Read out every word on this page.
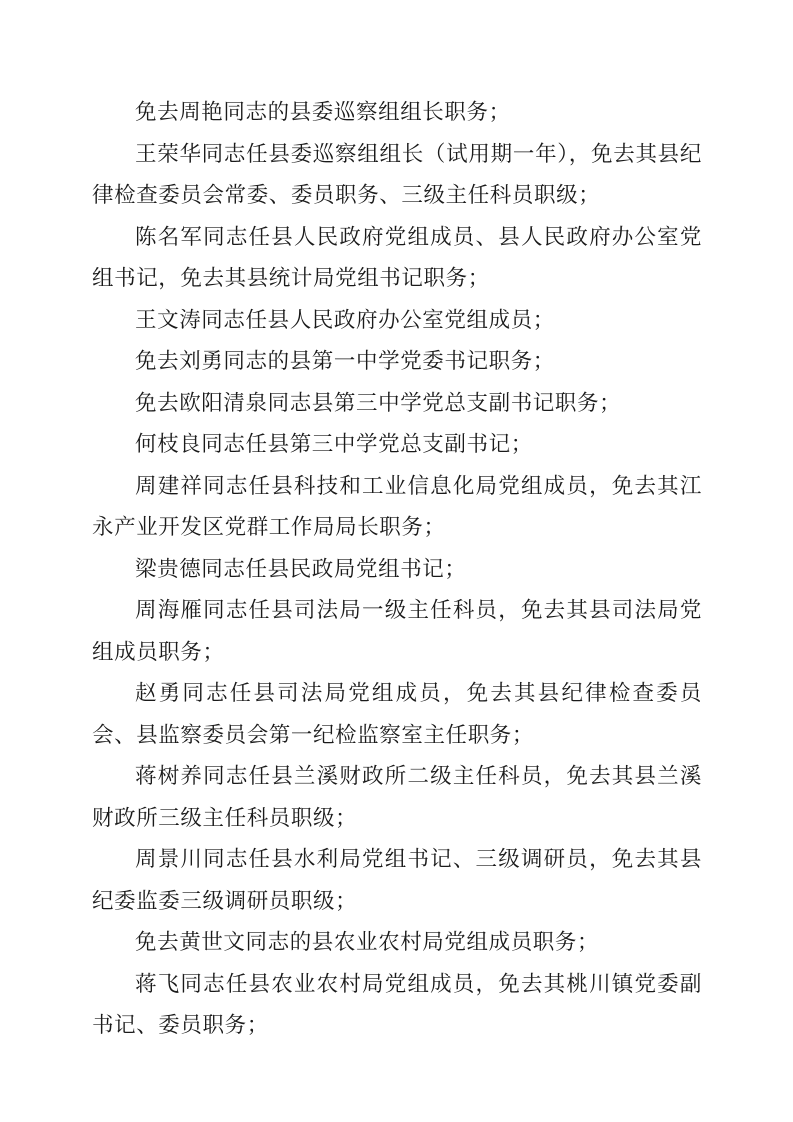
免去周艳同志的县委巡察组组长职务；

王荣华同志任县委巡察组组长（试用期一年），免去其县纪律检查委员会常委、委员职务、三级主任科员职级；

陈名军同志任县人民政府党组成员、县人民政府办公室党组书记，免去其县统计局党组书记职务；

王文涛同志任县人民政府办公室党组成员；

免去刘勇同志的县第一中学党委书记职务；

免去欧阳清泉同志县第三中学党总支副书记职务；

何枝良同志任县第三中学党总支副书记；

周建祥同志任县科技和工业信息化局党组成员，免去其江永产业开发区党群工作局局长职务；

梁贵德同志任县民政局党组书记；

周海雁同志任县司法局一级主任科员，免去其县司法局党组成员职务；

赵勇同志任县司法局党组成员，免去其县纪律检查委员会、县监察委员会第一纪检监察室主任职务；

蒋树养同志任县兰溪财政所二级主任科员，免去其县兰溪财政所三级主任科员职级；

周景川同志任县水利局党组书记、三级调研员，免去其县纪委监委三级调研员职级；

免去黄世文同志的县农业农村局党组成员职务；

蒋飞同志任县农业农村局党组成员，免去其桃川镇党委副书记、委员职务；
